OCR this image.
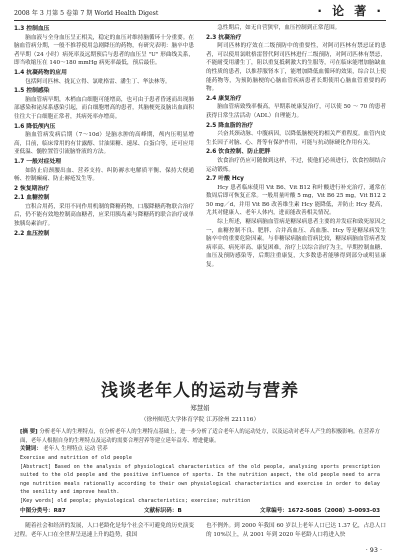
2008 年 3 月第 5 卷第 7 期 World Health Digest	· 论 著 ·
1.3 控制血压

脑血液与全身血压呈正相关，稳定的血压对维持脑循环十分重要。在脑血管病分期，一般不推荐使用急剧降压的药物，有研究表明：脑卒中患者早期（24 小时）病死率及远期预后与患者的血压呈 "U" 形曲线关系，即当收缩压在 140～180 mmHg 病死率最低，预后最佳。

1.4 抗凝药物的应用

包括阿司匹林、拢瓦立得、氯吡格雷、潘生丁、华法林等。

1.5 控制感染

脑血管病早期，木梢血白细胞可能增高，也可由于患者昏迷而出现肺部感染和泌尿系感染引起，而白细胞增高的患者，其脑梗死及脑出血面积往往大于白细胞正常者，其病死率亦增高。

1.6 降低颅内压

脑血管病发病后期（7～10d）是脑水肿的高峰期，颅内压明显增高，目前，临床常用的有甘露醇、甘油果糖、速尿、白蛋白等，还可应用亚低温、髓腔置管引流脑脊液的方法。

1.7 一般对症处理

如防止肩颈腰出血、营养支持、纠防褥水电解质平衡、保持大便通畅、控制癫痫、防止褥疮发生等。

2 恢复期治疗
2.1 血糖控制

宜积合用药，采用不同作用机制的降糖药物，口服降糖药物联合治疗后，仍不能有效地控制高血糖者，应采用胰岛素与降糖药的联合治疗或单独胰岛素治疗。

2.2 血压控制

急性期后，如无自营狭窄，血压控制到正常范围。

2.3 抗凝治疗

阿司匹林的疗效在二级预防中的重要性，对阿司匹林有禁忌证的患者，可以使用氯吡格雷替代阿司匹林进行二级预防，对阿司匹林有禁忌，不能耐受用潘生丁，阻以重复抵刺激大的生服等，可在临床能增加脑缺血的性质的患者，以推荐服肾本丁，能增加降低血循环的效果，综合以上使能药物等，为预防脑梗的心脑血管疾病患者长期使用心脑血管重要的药物。

2.4 康复治疗

脑血管病致残率极高，早期系统康复治疗，可以使 50 ～ 70 的患者获得日常生活活动（ADL）自理能力。

2.5 降血脂的治疗

兴奋其颈动脉、中腹病因，以降低脑梗死的相关严重程度。血管内皮生长因子对脑、心、肾等有保护作用，可能与抗动脉硬化作用有关。

2.6 饮食控制、防止肥胖

饮食治疗仍应可随做到这样，不过，使他们必须进行，饮食控制结合运动锻炼。

2.7 叶酸 Hcy

Hcy 患者临床使用 Vit B6、Vit B12 和叶酸进行补充治疗，通常在数周后即可恢复正常。一般用量叶酸 5 mg，Vit B6 25 mg，Vit B12 250 mg／d，并用 Vit B6 改善维生素 Hcy 能降低，并防止 Hcy 提高，尤其对健康人、老年人体内，进而能改善相关情况。

综上所述，糖尿病脑血管病是糖尿病患者主要的并发症和致死原因之一，血糖控制不良、肥胖、合并高血压、高血脂、Hcy 等是糖尿病发生脑卒中的重要危险因素。与非糖尿病脑血管病比较，糖尿病脑血管病者发病率高、病死率高、康复困难，治疗上以综合治疗为主，早期控制血糖、血压及预防感染等，后期注重康复，大多数患者能够得到部分或明显康复。

浅谈老年人的运动与营养
郑慧娟
（徐州师范大学体育学院 江苏徐州 221116）

[摘 要] 分析老年人的生理特点，在分析老年人的生理特点基础上，进一步分析了适合老年人的运动处方，以及运动对老年人产生的积极影响。在营养方面，老年人根据自身的生理特点及运动的需要合理营养等建立延年益寿、增进健康。

关键词： 老年人 生理特点 运动 营养

Exercise and nutrition of old people

[Abstract] Based on the analysis of physiological characteristics of the old people, analysing sports prescription suited to the old people and the positive influence of sports. In the nutrition aspect, the old people need to arrange nutrition meals rationally according to their own physiological characteristics and exercise in order to delay the senility and improve health.

[Key words] old people; physiological characteristics; exercise; nutrition

中图分类号：R87	文献标识码：B	文章编号：1672-5085（2008）3-0093-03
随着社会和经济的发展，人口老龄化是每个社会不可避免的历史演变过程。老年人口在全世界呈迅速上升的趋势，我国
也不例外。到 2000 年我国 60 岁以上老年人口已达 1.37 亿，占总人口的 10%以上，从 2001 年到 2020 年老龄人口将进入快
· 93 ·
